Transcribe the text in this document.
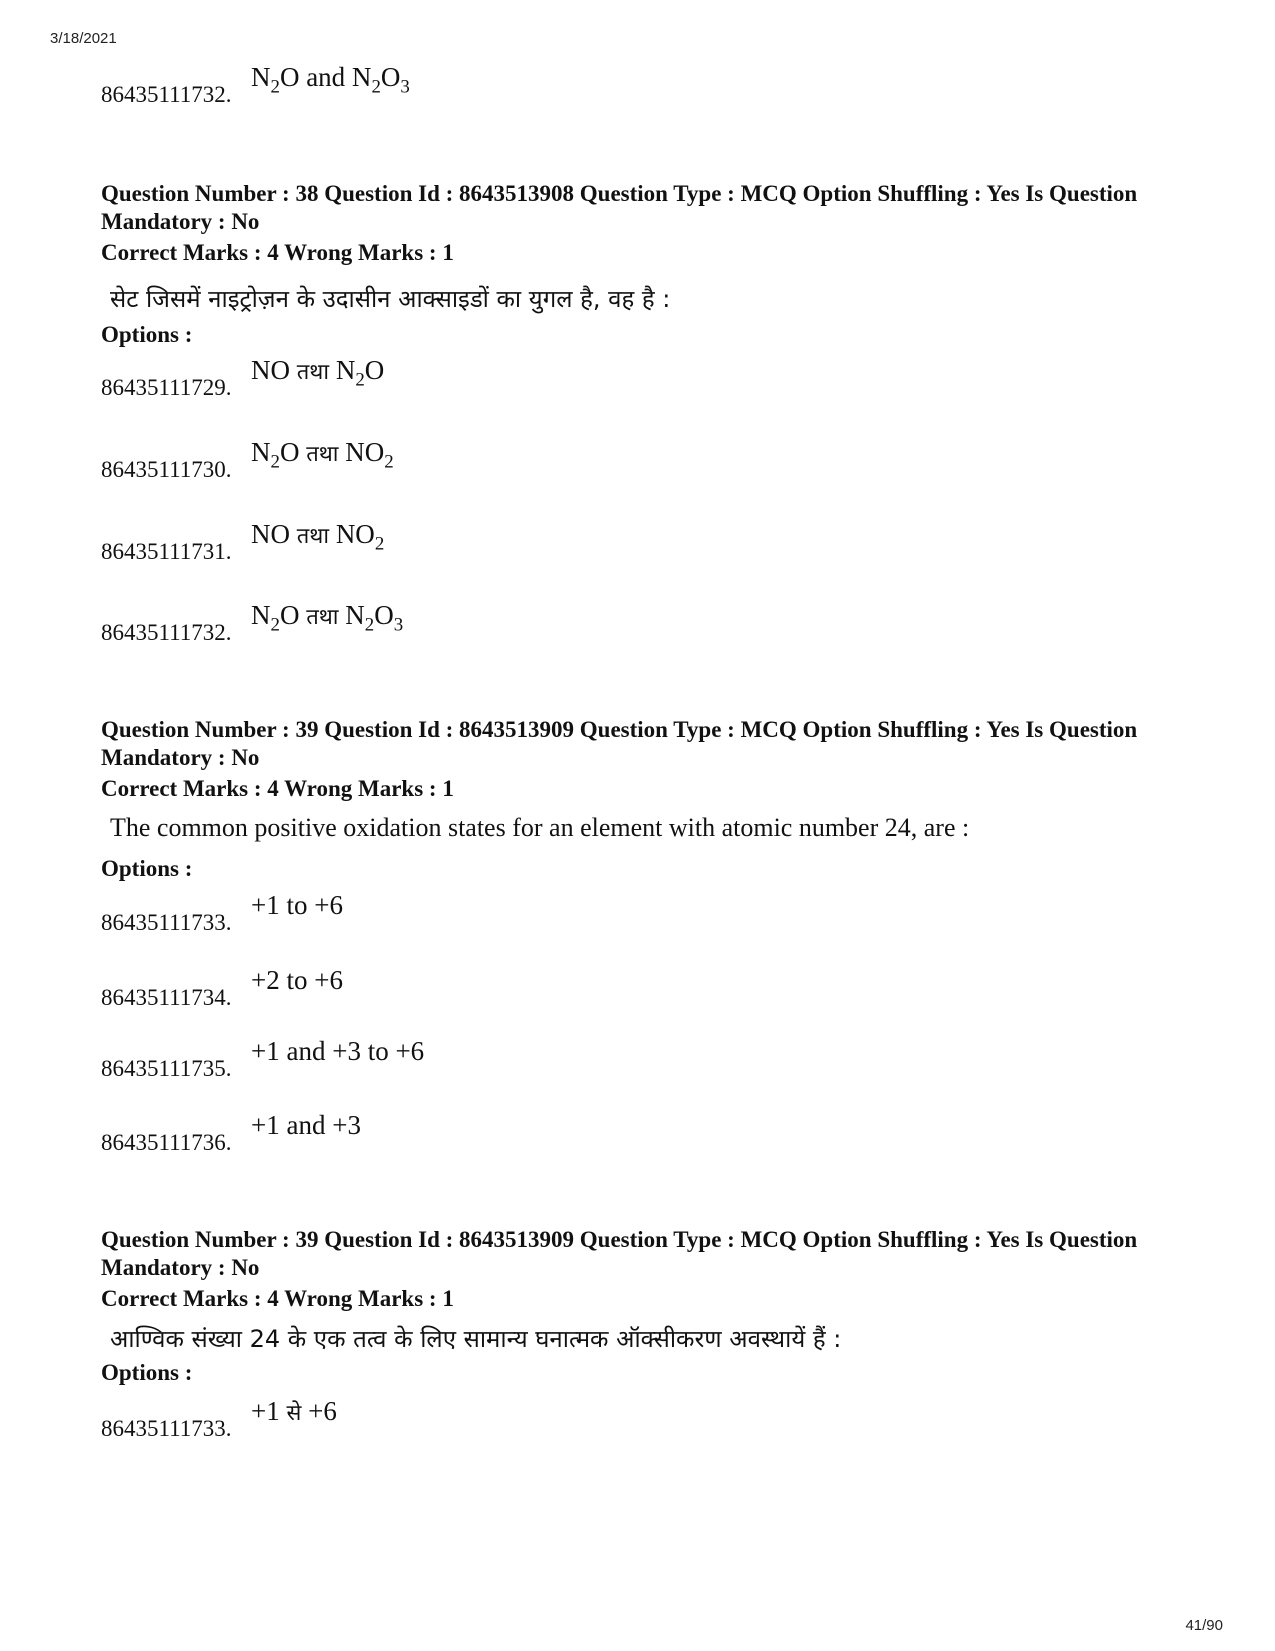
3/18/2021
86435111732.
$N_2O$ and $N_2O_3$
Question Number : 38 Question Id : 8643513908 Question Type : MCQ Option Shuffling : Yes Is Question Mandatory : No
Correct Marks : 4 Wrong Marks : 1
सेट जिसमें नाइट्रोज़न के उदासीन आक्साइडों का युगल है, वह है :
Options :
86435111729.
NO तथ $N_2O$
86435111730.
$N_2O$ तथ $NO_2$
86435111731.
NO तथ $NO_2$
86435111732.
$N_2O$ तथ $N_2O_3$
Question Number : 39 Question Id : 8643513909 Question Type : MCQ Option Shuffling : Yes Is Question Mandatory : No
Correct Marks : 4 Wrong Marks : 1
The common positive oxidation states for an element with atomic number 24, are :
Options :
86435111733.
+1 to +6
86435111734.
+2 to +6
86435111735.
+1 and +3 to +6
86435111736.
+1 and +3
Question Number : 39 Question Id : 8643513909 Question Type : MCQ Option Shuffling : Yes Is Question Mandatory : No
Correct Marks : 4 Wrong Marks : 1
आण्विक संख्या 24 के एक तत्व के लिए सामान्य घनात्मक ऑक्सीकरण अवस्थायें हैं :
Options :
86435111733.
+1 स +6
41/90
